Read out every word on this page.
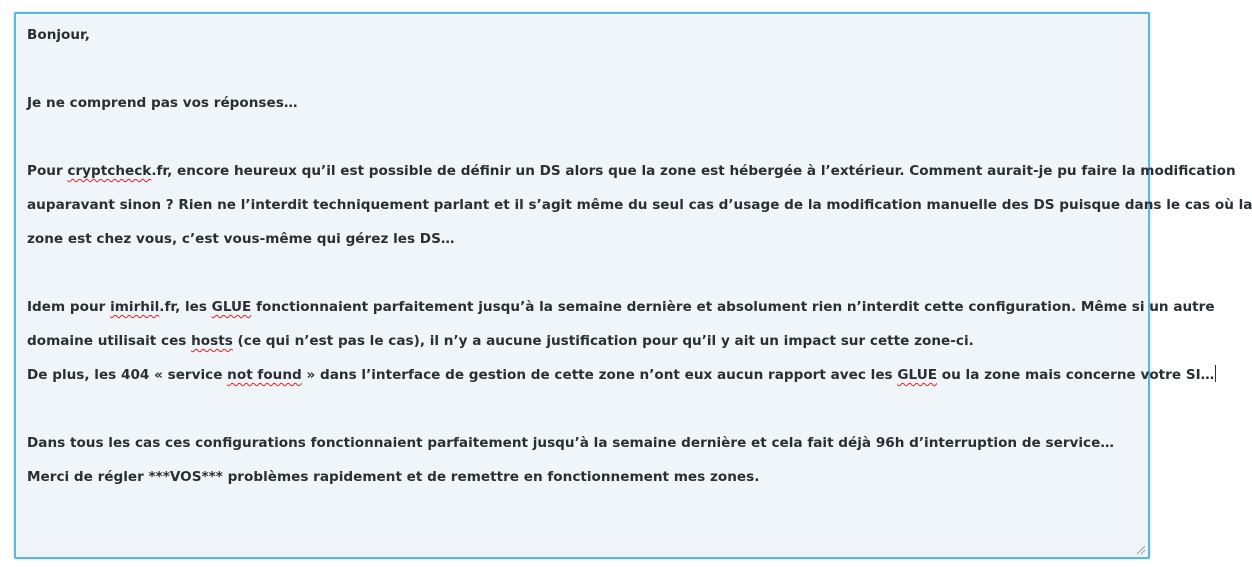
Bonjour,
Je ne comprend pas vos réponses…
Pour cryptcheck.fr, encore heureux qu’il est possible de définir un DS alors que la zone est hébergée à l’extérieur. Comment aurait-je pu faire la modification
auparavant sinon ? Rien ne l’interdit techniquement parlant et il s’agit même du seul cas d’usage de la modification manuelle des DS puisque dans le cas où la
zone est chez vous, c’est vous-même qui gérez les DS…
Idem pour imirhil.fr, les GLUE fonctionnaient parfaitement jusqu’à la semaine dernière et absolument rien n’interdit cette configuration. Même si un autre
domaine utilisait ces hosts (ce qui n’est pas le cas), il n’y a aucune justification pour qu’il y ait un impact sur cette zone-ci.
De plus, les 404 « service not found » dans l’interface de gestion de cette zone n’ont eux aucun rapport avec les GLUE ou la zone mais concerne votre SI…
Dans tous les cas ces configurations fonctionnaient parfaitement jusqu’à la semaine dernière et cela fait déjà 96h d’interruption de service…
Merci de régler ***VOS*** problèmes rapidement et de remettre en fonctionnement mes zones.
